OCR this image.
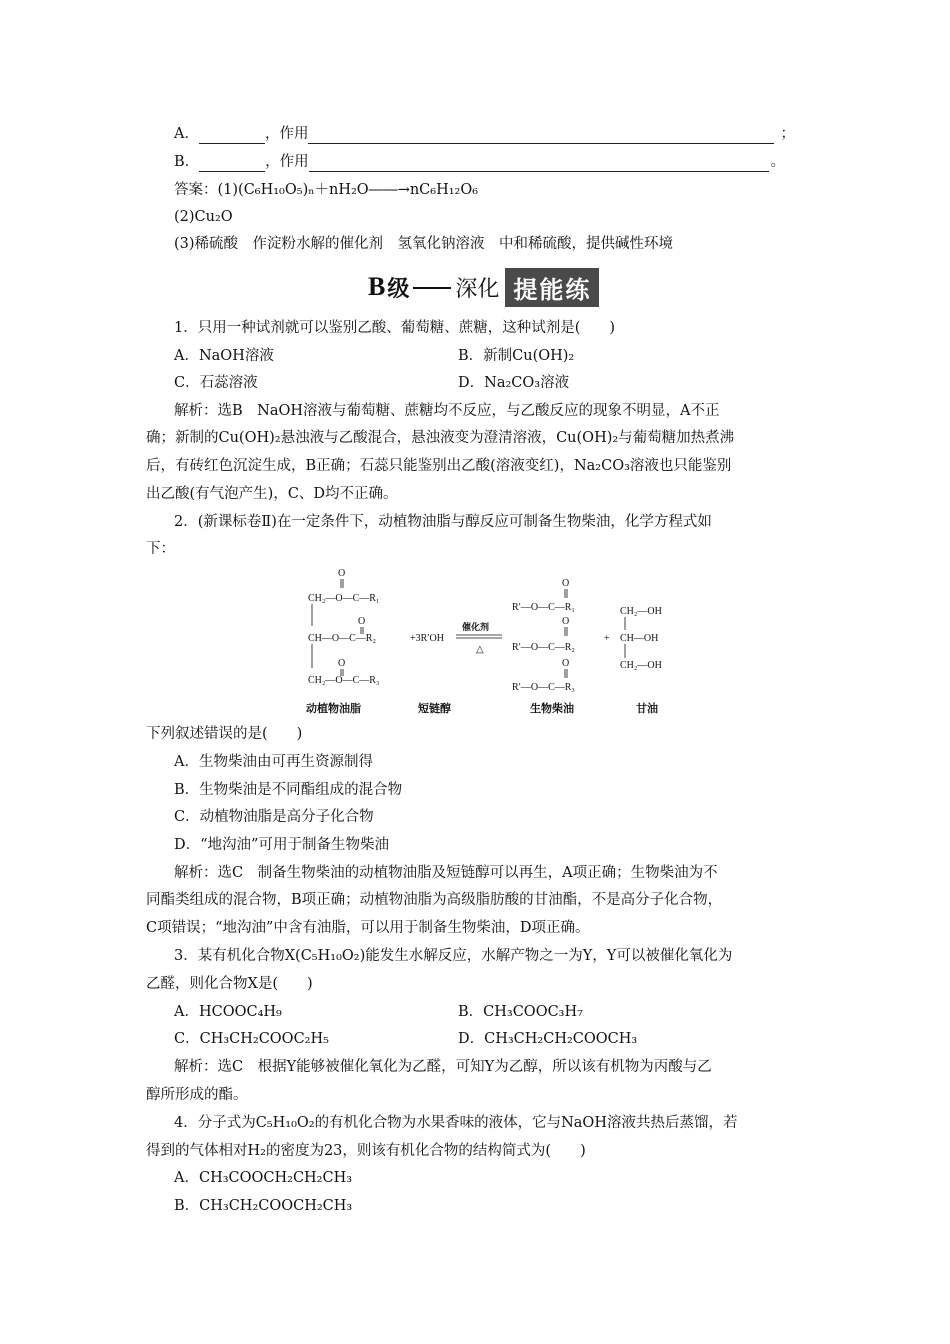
A．	，作用	；
B．	，作用	。
答案：(1)(C₆H₁₀O₅)ₙ＋nH₂O――→nC₆H₁₂O₆
(2)Cu₂O
(3)稀硫酸　作淀粉水解的催化剂　氢氧化钠溶液　中和稀硫酸，提供碱性环境
B 级 深化 提能练
1．只用一种试剂就可以鉴别乙酸、葡萄糖、蔗糖，这种试剂是(　　)
A．NaOH溶液	B．新制Cu(OH)₂
C．石蕊溶液	D．Na₂CO₃溶液
解析：选B　NaOH溶液与葡萄糖、蔗糖均不反应，与乙酸反应的现象不明显，A不正
确；新制的Cu(OH)₂悬浊液与乙酸混合，悬浊液变为澄清溶液，Cu(OH)₂与葡萄糖加热煮沸
后，有砖红色沉淀生成，B正确；石蕊只能鉴别出乙酸(溶液变红)，Na₂CO₃溶液也只能鉴别
出乙酸(有气泡产生)，C、D均不正确。
2．(新课标卷Ⅱ)在一定条件下，动植物油脂与醇反应可制备生物柴油，化学方程式如
下：
O
CH₂—O—C—R₁
O
CH—O—C—R₂
O
CH₂—O—C—R₃
+3R′OH
催化剂
△
O
R′—O—C—R₁
O
R′—O—C—R₂
O
R′—O—C—R₃
+
CH₂—OH
CH—OH
CH₂—OH
动植物油脂	短链醇	生物柴油	甘油
下列叙述错误的是(　　)
A．生物柴油由可再生资源制得
B．生物柴油是不同酯组成的混合物
C．动植物油脂是高分子化合物
D．“地沟油”可用于制备生物柴油
解析：选C　制备生物柴油的动植物油脂及短链醇可以再生，A项正确；生物柴油为不
同酯类组成的混合物，B项正确；动植物油脂为高级脂肪酸的甘油酯，不是高分子化合物，
C项错误；“地沟油”中含有油脂，可以用于制备生物柴油，D项正确。
3．某有机化合物X(C₅H₁₀O₂)能发生水解反应，水解产物之一为Y，Y可以被催化氧化为
乙醛，则化合物X是(　　)
A．HCOOC₄H₉	B．CH₃COOC₃H₇
C．CH₃CH₂COOC₂H₅	D．CH₃CH₂CH₂COOCH₃
解析：选C　根据Y能够被催化氧化为乙醛，可知Y为乙醇，所以该有机物为丙酸与乙
醇所形成的酯。
4．分子式为C₅H₁₀O₂的有机化合物为水果香味的液体，它与NaOH溶液共热后蒸馏，若
得到的气体相对H₂的密度为23，则该有机化合物的结构简式为(　　)
A．CH₃COOCH₂CH₂CH₃
B．CH₃CH₂COOCH₂CH₃
